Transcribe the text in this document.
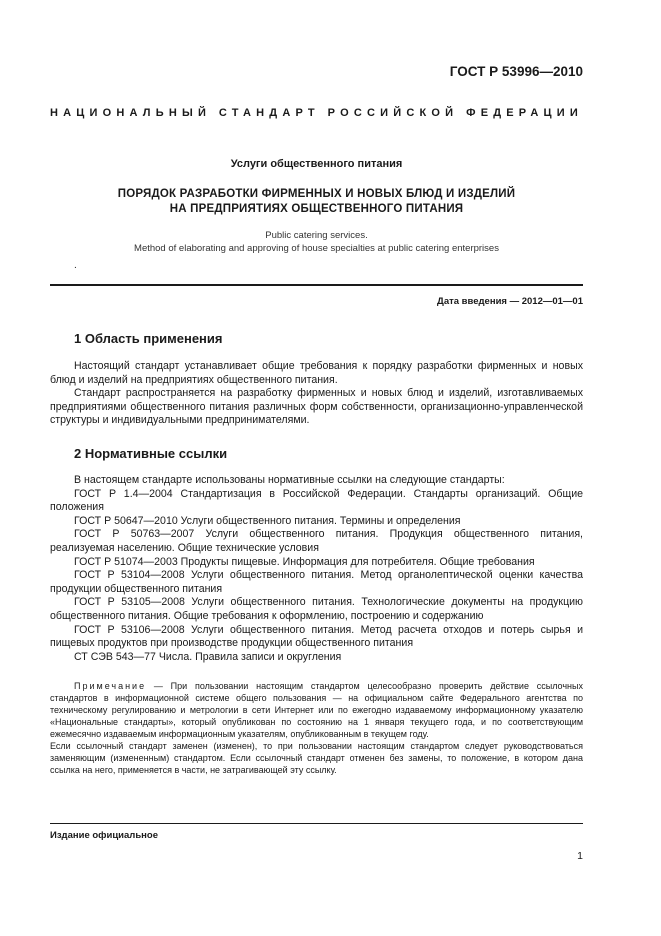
ГОСТ Р 53996—2010
НАЦИОНАЛЬНЫЙ СТАНДАРТ РОССИЙСКОЙ ФЕДЕРАЦИИ
Услуги общественного питания
ПОРЯДОК РАЗРАБОТКИ ФИРМЕННЫХ И НОВЫХ БЛЮД И ИЗДЕЛИЙ
НА ПРЕДПРИЯТИЯХ ОБЩЕСТВЕННОГО ПИТАНИЯ
Public catering services.
Method of elaborating and approving of house specialties at public catering enterprises
.
Дата введения — 2012—01—01
1 Область применения

Настоящий стандарт устанавливает общие требования к порядку разработки фирменных и новых блюд и изделий на предприятиях общественного питания.

Стандарт распространяется на разработку фирменных и новых блюд и изделий, изготавливаемых предприятиями общественного питания различных форм собственности, организационно-управленческой структуры и индивидуальными предпринимателями.

2 Нормативные ссылки

В настоящем стандарте использованы нормативные ссылки на следующие стандарты:

ГОСТ Р 1.4—2004 Стандартизация в Российской Федерации. Стандарты организаций. Общие положения

ГОСТ Р 50647—2010 Услуги общественного питания. Термины и определения

ГОСТ Р 50763—2007 Услуги общественного питания. Продукция общественного питания, реализуемая населению. Общие технические условия

ГОСТ Р 51074—2003 Продукты пищевые. Информация для потребителя. Общие требования

ГОСТ Р 53104—2008 Услуги общественного питания. Метод органолептической оценки качества продукции общественного питания

ГОСТ Р 53105—2008 Услуги общественного питания. Технологические документы на продукцию общественного питания. Общие требования к оформлению, построению и содержанию

ГОСТ Р 53106—2008 Услуги общественного питания. Метод расчета отходов и потерь сырья и пищевых продуктов при производстве продукции общественного питания

СТ СЭВ 543—77 Числа. Правила записи и округления

Примечание — При пользовании настоящим стандартом целесообразно проверить действие ссылочных стандартов в информационной системе общего пользования — на официальном сайте Федерального агентства по техническому регулированию и метрологии в сети Интернет или по ежегодно издаваемому информационному указателю «Национальные стандарты», который опубликован по состоянию на 1 января текущего года, и по соответствующим ежемесячно издаваемым информационным указателям, опубликованным в текущем году.

Если ссылочный стандарт заменен (изменен), то при пользовании настоящим стандартом следует руководствоваться заменяющим (измененным) стандартом. Если ссылочный стандарт отменен без замены, то положение, в котором дана ссылка на него, применяется в части, не затрагивающей эту ссылку.

Издание официальное
1
